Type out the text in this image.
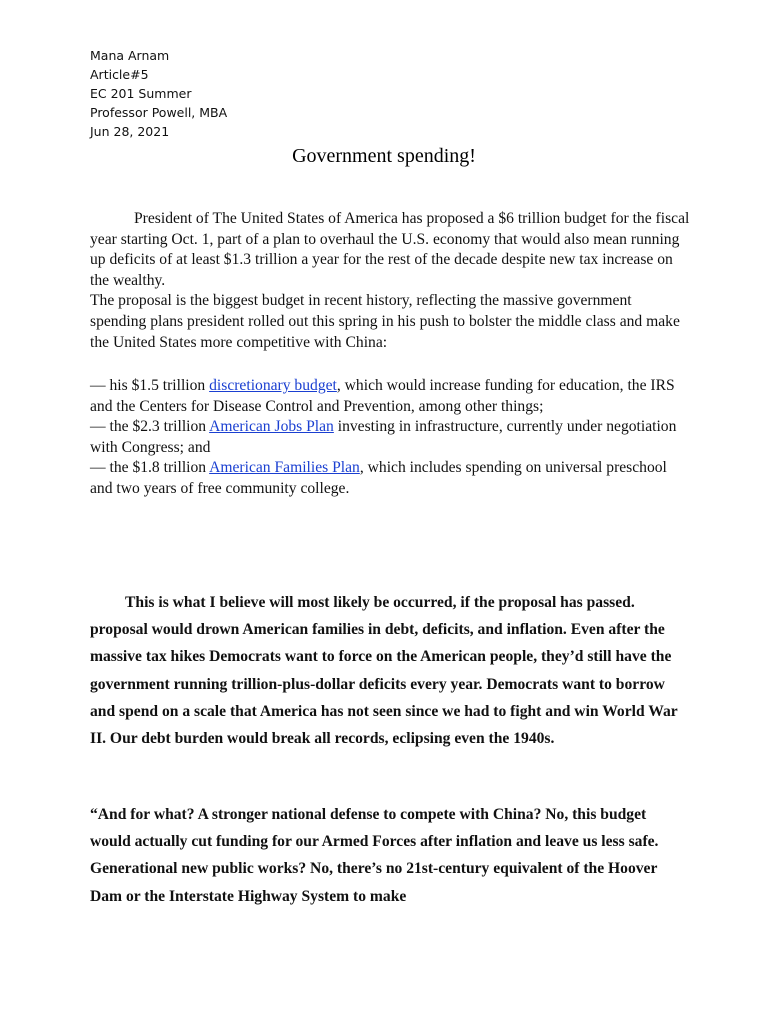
Mana Arnam
Article#5
EC 201 Summer
Professor Powell, MBA
Jun 28, 2021
Government spending!

President of The United States of America has proposed a $6 trillion budget for the fiscal year starting Oct. 1, part of a plan to overhaul the U.S. economy that would also mean running up deficits of at least $1.3 trillion a year for the rest of the decade despite new tax increase on the wealthy.

The proposal is the biggest budget in recent history, reflecting the massive government spending plans president rolled out this spring in his push to bolster the middle class and make the United States more competitive with China:

— his $1.5 trillion discretionary budget, which would increase funding for education, the IRS and the Centers for Disease Control and Prevention, among other things;

— the $2.3 trillion American Jobs Plan investing in infrastructure, currently under negotiation with Congress; and

— the $1.8 trillion American Families Plan, which includes spending on universal preschool and two years of free community college.

This is what I believe will most likely be occurred, if the proposal has passed. proposal would drown American families in debt, deficits, and inflation. Even after the massive tax hikes Democrats want to force on the American people, they’d still have the government running trillion-plus-dollar deficits every year. Democrats want to borrow and spend on a scale that America has not seen since we had to fight and win World War II. Our debt burden would break all records, eclipsing even the 1940s.

“And for what? A stronger national defense to compete with China? No, this budget would actually cut funding for our Armed Forces after inflation and leave us less safe. Generational new public works? No, there’s no 21st-century equivalent of the Hoover Dam or the Interstate Highway System to make
